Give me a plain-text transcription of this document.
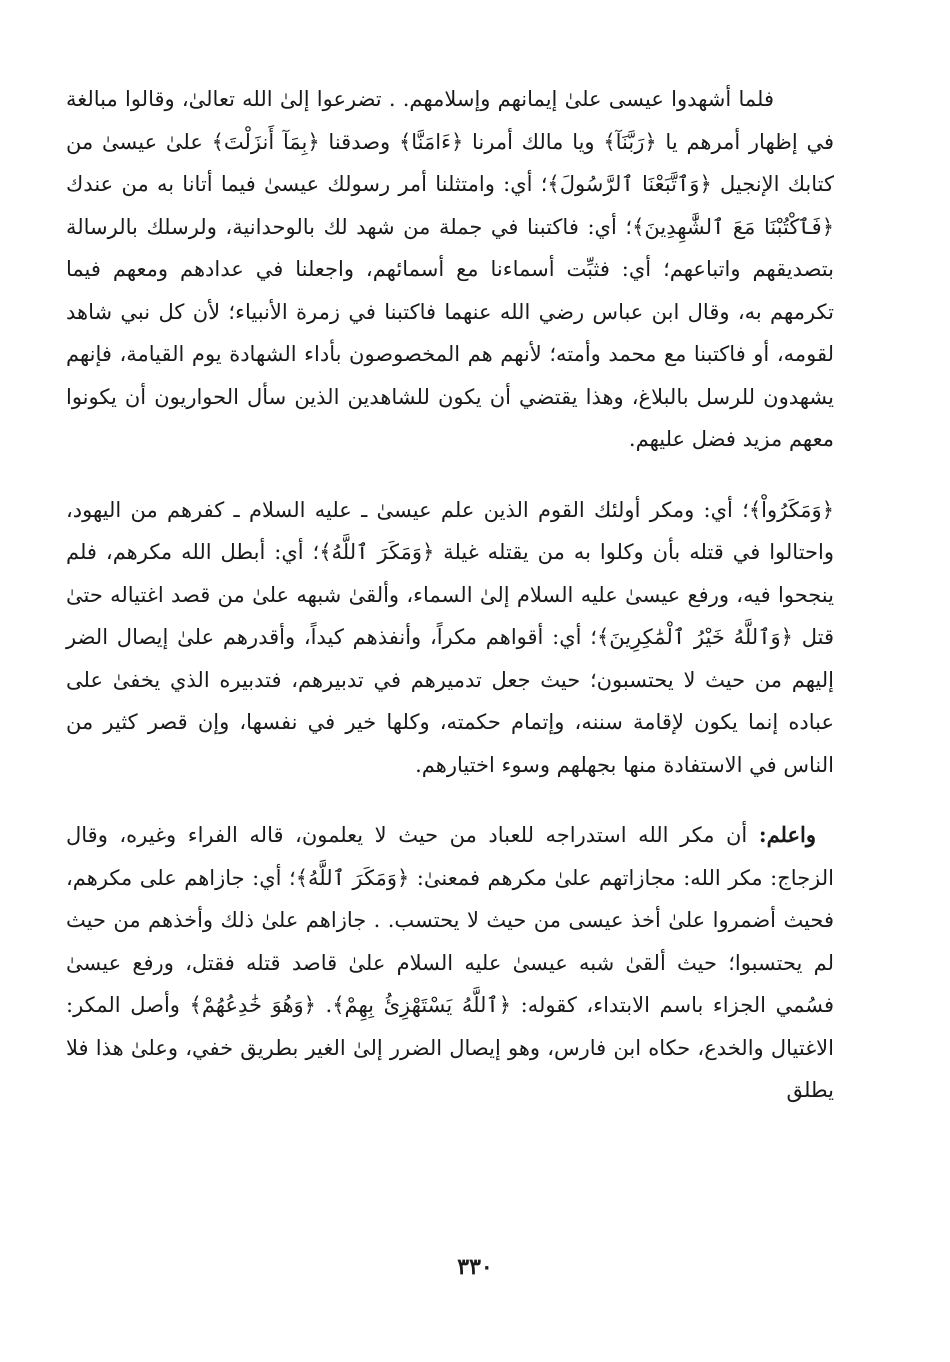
فلما أشهدوا عيسى علىٰ إيمانهم وإسلامهم. . تضرعوا إلىٰ الله تعالىٰ، وقالوا مبالغة في إظهار أمرهم يا ﴿رَبَّنَآ﴾ ويا مالك أمرنا ﴿ءَامَنَّا﴾ وصدقنا ﴿بِمَآ أَنزَلْتَ﴾ علىٰ عيسىٰ من كتابك الإنجيل ﴿وَٱتَّبَعْنَا ٱلرَّسُولَ﴾؛ أي: وامتثلنا أمر رسولك عيسىٰ فيما أتانا به من عندك ﴿فَٱكْتُبْنَا مَعَ ٱلشَّٰهِدِينَ﴾؛ أي: فاكتبنا في جملة من شهد لك بالوحدانية، ولرسلك بالرسالة بتصديقهم واتباعهم؛ أي: فثبِّت أسماءنا مع أسمائهم، واجعلنا في عدادهم ومعهم فيما تكرمهم به، وقال ابن عباس رضي الله عنهما فاكتبنا في زمرة الأنبياء؛ لأن كل نبي شاهد لقومه، أو فاكتبنا مع محمد وأمته؛ لأنهم هم المخصوصون بأداء الشهادة يوم القيامة، فإنهم يشهدون للرسل بالبلاغ، وهذا يقتضي أن يكون للشاهدين الذين سأل الحواريون أن يكونوا معهم مزيد فضل عليهم.

﴿وَمَكَرُواْ﴾؛ أي: ومكر أولئك القوم الذين علم عيسىٰ ـ عليه السلام ـ كفرهم من اليهود، واحتالوا في قتله بأن وكلوا به من يقتله غيلة ﴿وَمَكَرَ ٱللَّهُ﴾؛ أي: أبطل الله مكرهم، فلم ينجحوا فيه، ورفع عيسىٰ عليه السلام إلىٰ السماء، وألقىٰ شبهه علىٰ من قصد اغتياله حتىٰ قتل ﴿وَٱللَّهُ خَيْرُ ٱلْمَٰكِرِينَ﴾؛ أي: أقواهم مكراً، وأنفذهم كيداً، وأقدرهم علىٰ إيصال الضر إليهم من حيث لا يحتسبون؛ حيث جعل تدميرهم في تدبيرهم، فتدبيره الذي يخفىٰ على عباده إنما يكون لإقامة سننه، وإتمام حكمته، وكلها خير في نفسها، وإن قصر كثير من الناس في الاستفادة منها بجهلهم وسوء اختيارهم.

واعلم: أن مكر الله استدراجه للعباد من حيث لا يعلمون، قاله الفراء وغيره، وقال الزجاج: مكر الله: مجازاتهم علىٰ مكرهم فمعنىٰ: ﴿وَمَكَرَ ٱللَّهُ﴾؛ أي: جازاهم على مكرهم، فحيث أضمروا علىٰ أخذ عيسى من حيث لا يحتسب. . جازاهم علىٰ ذلك وأخذهم من حيث لم يحتسبوا؛ حيث ألقىٰ شبه عيسىٰ عليه السلام علىٰ قاصد قتله فقتل، ورفع عيسىٰ فسُمي الجزاء باسم الابتداء، كقوله: ﴿ٱللَّهُ يَسْتَهْزِئُ بِهِمْ﴾. ﴿وَهُوَ خَٰدِعُهُمْ﴾ وأصل المكر: الاغتيال والخدع، حكاه ابن فارس، وهو إيصال الضرر إلىٰ الغير بطريق خفي، وعلىٰ هذا فلا يطلق

٣٣٠
